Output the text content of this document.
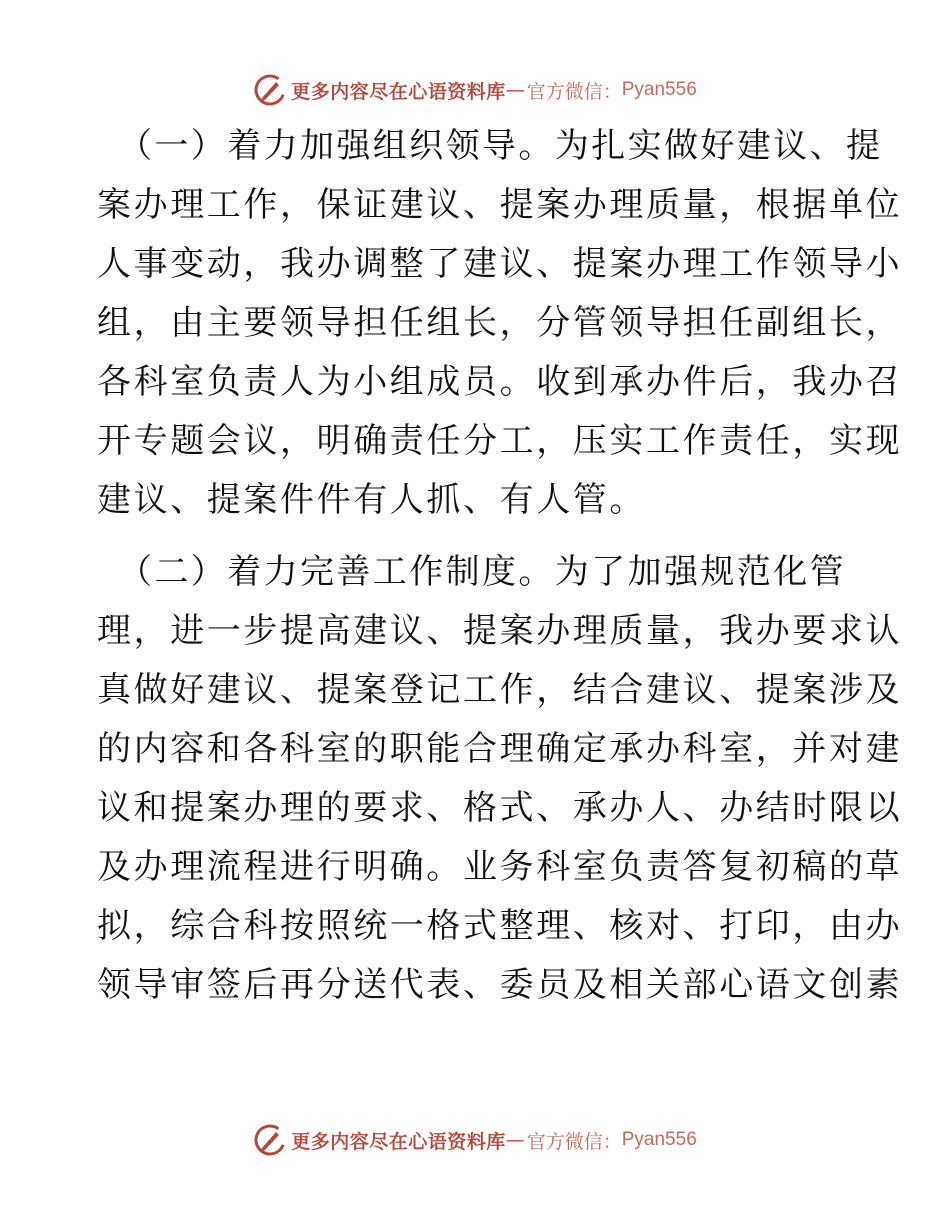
更多内容尽在心语资料库 — 官方微信： Pyan556
（一）着力加强组织领导。为扎实做好建议、提
案办理工作，保证建议、提案办理质量，根据单位
人事变动，我办调整了建议、提案办理工作领导小
组，由主要领导担任组长，分管领导担任副组长，
各科室负责人为小组成员。收到承办件后，我办召
开专题会议，明确责任分工，压实工作责任，实现
建议、提案件件有人抓、有人管。
（二）着力完善工作制度。为了加强规范化管
理，进一步提高建议、提案办理质量，我办要求认
真做好建议、提案登记工作，结合建议、提案涉及
的内容和各科室的职能合理确定承办科室，并对建
议和提案办理的要求、格式、承办人、办结时限以
及办理流程进行明确。业务科室负责答复初稿的草
拟，综合科按照统一格式整理、核对、打印，由办
领导审签后再分送代表、委员及相关部心语文创素
更多内容尽在心语资料库 — 官方微信： Pyan556
